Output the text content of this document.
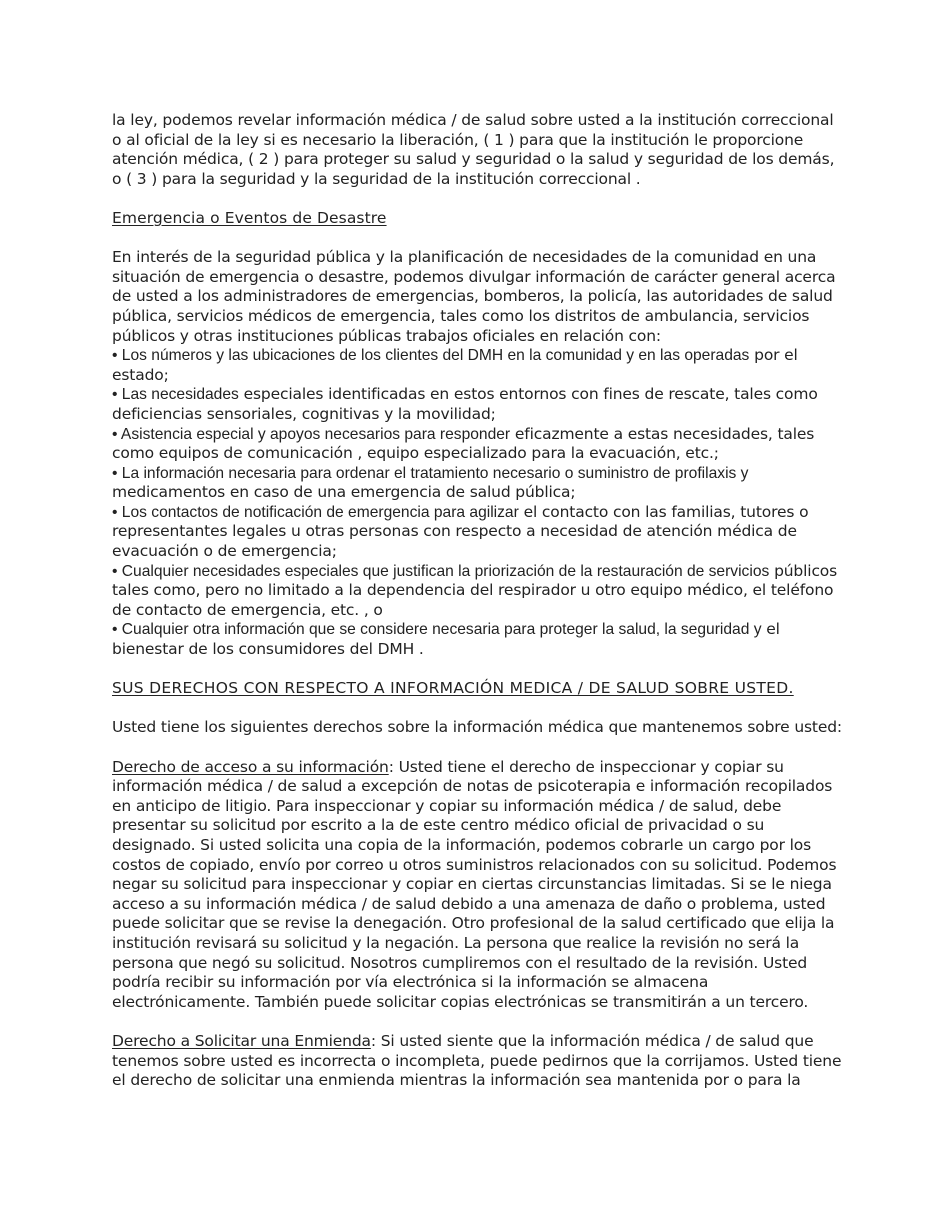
la ley, podemos revelar información médica / de salud sobre usted a la institución correccional o al oficial de la ley si es necesario la liberación, ( 1 ) para que la institución le proporcione atención médica, ( 2 ) para proteger su salud y seguridad o la salud y seguridad de los demás, o ( 3 ) para la seguridad y la seguridad de la institución correccional .

Emergencia o Eventos de Desastre

En interés de la seguridad pública y la planificación de necesidades de la comunidad en una situación de emergencia o desastre, podemos divulgar información de carácter general acerca de usted a los administradores de emergencias, bomberos, la policía, las autoridades de salud pública, servicios médicos de emergencia, tales como los distritos de ambulancia, servicios públicos y otras instituciones públicas trabajos oficiales en relación con:

• Los números y las ubicaciones de los clientes del DMH en la comunidad y en las operadas por el estado;

• Las necesidades especiales identificadas en estos entornos con fines de rescate, tales como deficiencias sensoriales, cognitivas y la movilidad;

• Asistencia especial y apoyos necesarios para responder eficazmente a estas necesidades, tales como equipos de comunicación , equipo especializado para la evacuación, etc.;

• La información necesaria para ordenar el tratamiento necesario o suministro de profilaxis y medicamentos en caso de una emergencia de salud pública;

• Los contactos de notificación de emergencia para agilizar el contacto con las familias, tutores o representantes legales u otras personas con respecto a necesidad de atención médica de evacuación o de emergencia;

• Cualquier necesidades especiales que justifican la priorización de la restauración de servicios públicos tales como, pero no limitado a la dependencia del respirador u otro equipo médico, el teléfono de contacto de emergencia, etc. , o

• Cualquier otra información que se considere necesaria para proteger la salud, la seguridad y el bienestar de los consumidores del DMH .

SUS DERECHOS CON RESPECTO A INFORMACIÓN MEDICA / DE SALUD SOBRE USTED.

Usted tiene los siguientes derechos sobre la información médica que mantenemos sobre usted:

Derecho de acceso a su información: Usted tiene el derecho de inspeccionar y copiar su información médica / de salud a excepción de notas de psicoterapia e información recopilados en anticipo de litigio. Para inspeccionar y copiar su información médica / de salud, debe presentar su solicitud por escrito a la de este centro médico oficial de privacidad o su designado. Si usted solicita una copia de la información, podemos cobrarle un cargo por los costos de copiado, envío por correo u otros suministros relacionados con su solicitud. Podemos negar su solicitud para inspeccionar y copiar en ciertas circunstancias limitadas. Si se le niega acceso a su información médica / de salud debido a una amenaza de daño o problema, usted puede solicitar que se revise la denegación. Otro profesional de la salud certificado que elija la institución revisará su solicitud y la negación. La persona que realice la revisión no será la persona que negó su solicitud. Nosotros cumpliremos con el resultado de la revisión. Usted podría recibir su información por vía electrónica si la información se almacena electrónicamente. También puede solicitar copias electrónicas se transmitirán a un tercero.

Derecho a Solicitar una Enmienda: Si usted siente que la información médica / de salud que tenemos sobre usted es incorrecta o incompleta, puede pedirnos que la corrijamos. Usted tiene el derecho de solicitar una enmienda mientras la información sea mantenida por o para la
